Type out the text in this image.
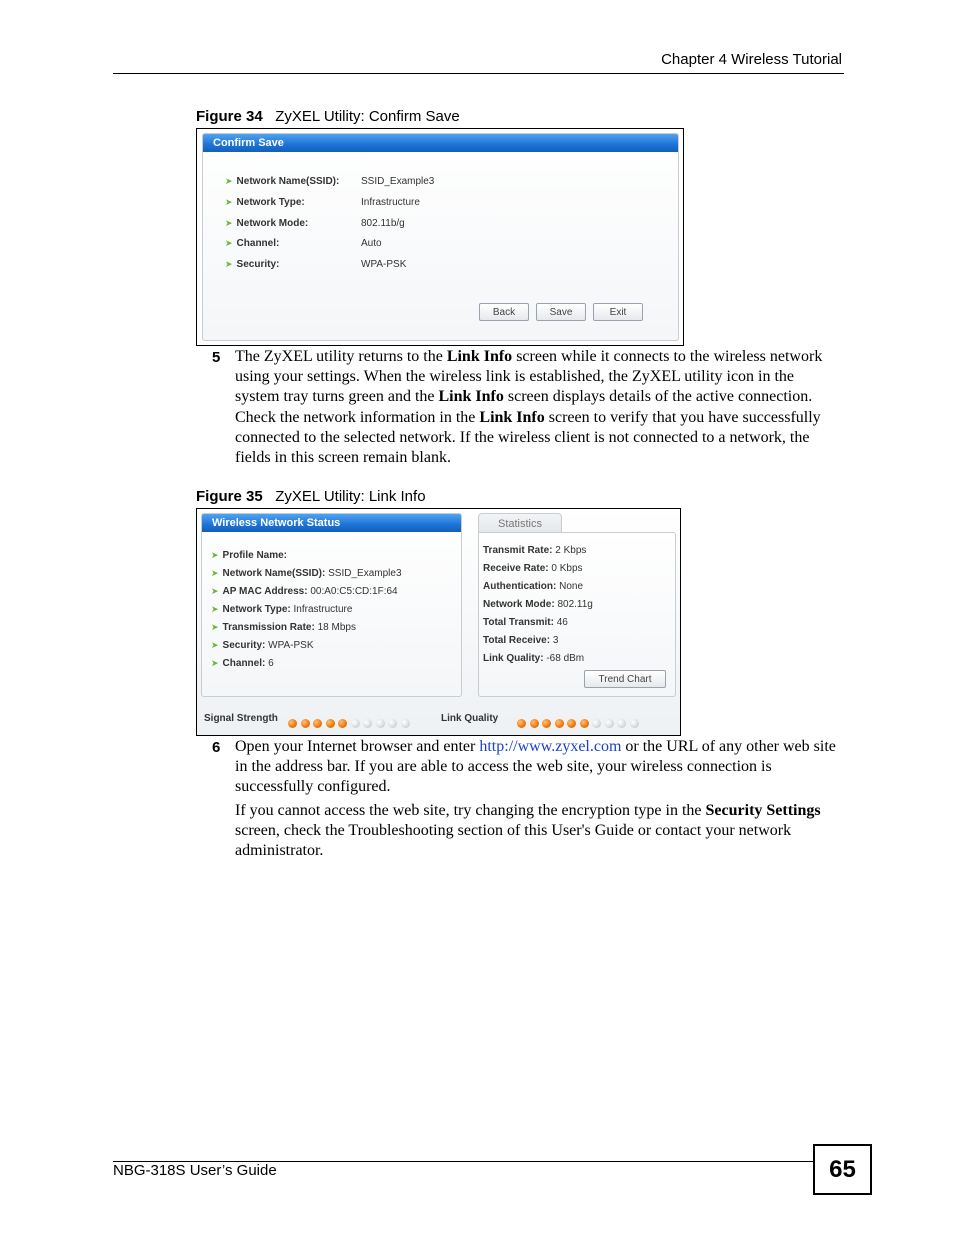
Chapter 4 Wireless Tutorial
Figure 34 ZyXEL Utility: Confirm Save
Confirm Save
➤ Network Name(SSID): SSID_Example3
➤ Network Type:	Infrastructure
➤ Network Mode:	802.11b/g
➤ Channel:	Auto
➤ Security:	WPA-PSK
Back	Save	Exit
5 The ZyXEL utility returns to the Link Info screen while it connects to the wireless network using your settings. When the wireless link is established, the ZyXEL utility icon in the system tray turns green and the Link Info screen displays details of the active connection. Check the network information in the Link Info screen to verify that you have successfully connected to the selected network. If the wireless client is not connected to a network, the fields in this screen remain blank.
Figure 35 ZyXEL Utility: Link Info
Wireless Network Status
➤ Profile Name:
➤ Network Name(SSID): SSID_Example3
➤ AP MAC Address: 00:A0:C5:CD:1F:64
➤ Network Type: Infrastructure
➤ Transmission Rate: 18 Mbps
➤ Security: WPA-PSK
➤ Channel: 6
Statistics
Transmit Rate: 2 Kbps
Receive Rate: 0 Kbps
Authentication: None
Network Mode: 802.11g
Total Transmit: 46
Total Receive: 3
Link Quality: -68 dBm
Trend Chart
Signal Strength	Link Quality
6 Open your Internet browser and enter http://www.zyxel.com or the URL of any other web site in the address bar. If you are able to access the web site, your wireless connection is successfully configured.
If you cannot access the web site, try changing the encryption type in the Security Settings screen, check the Troubleshooting section of this User's Guide or contact your network administrator.
NBG-318S User’s Guide	65
